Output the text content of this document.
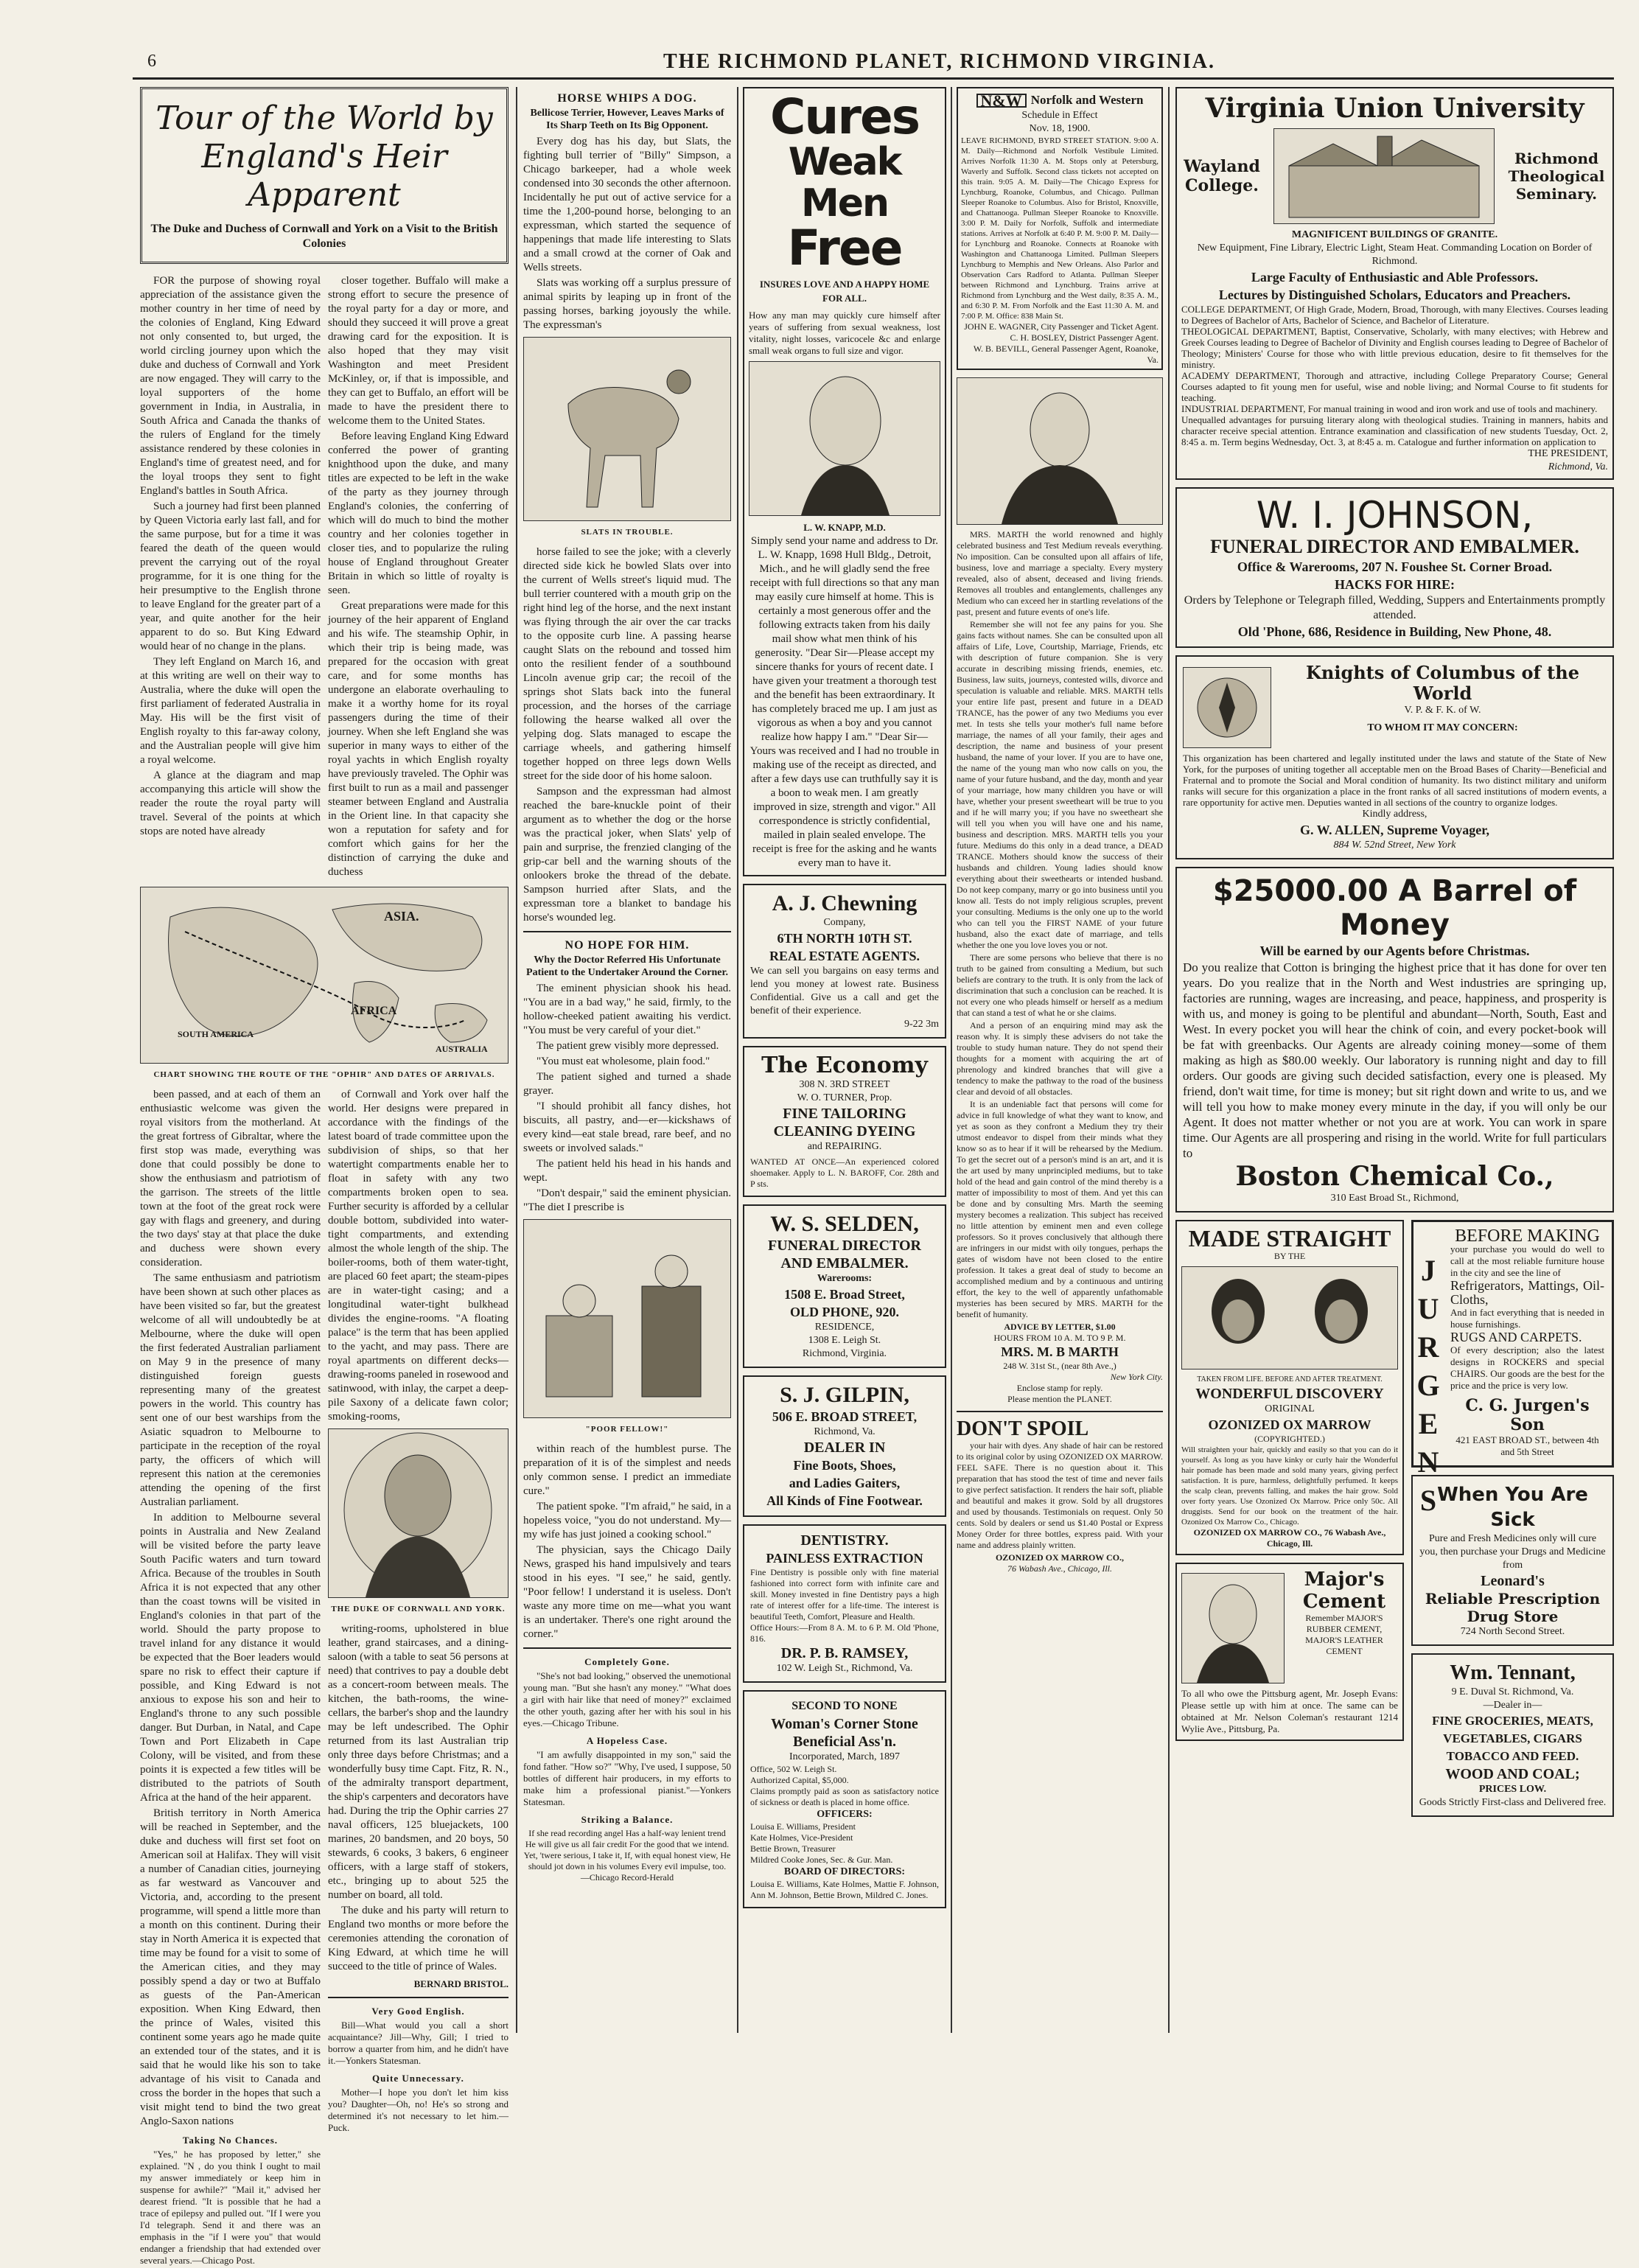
6	THE RICHMOND PLANET, RICHMOND VIRGINIA.
Tour of the World by England's Heir Apparent
The Duke and Duchess of Cornwall and York on a Visit to the British Colonies

FOR the purpose of showing royal appreciation of the assistance given the mother country in her time of need by the colonies of England, King Edward not only consented to, but urged, the world circling journey upon which the duke and duchess of Cornwall and York are now engaged. They will carry to the loyal supporters of the home government in India, in Australia, in South Africa and Canada the thanks of the rulers of England for the timely assistance rendered by these colonies in England's time of greatest need, and for the loyal troops they sent to fight England's battles in South Africa.

Such a journey had first been planned by Queen Victoria early last fall, and for the same purpose, but for a time it was feared the death of the queen would prevent the carrying out of the royal programme, for it is one thing for the heir presumptive to the English throne to leave England for the greater part of a year, and quite another for the heir apparent to do so. But King Edward would hear of no change in the plans.

They left England on March 16, and at this writing are well on their way to Australia, where the duke will open the first parliament of federated Australia in May. His will be the first visit of English royalty to this far-away colony, and the Australian people will give him a royal welcome.

A glance at the diagram and map accompanying this article will show the reader the route the royal party will travel. Several of the points at which stops are noted have already

closer together. Buffalo will make a strong effort to secure the presence of the royal party for a day or more, and should they succeed it will prove a great drawing card for the exposition. It is also hoped that they may visit Washington and meet President McKinley, or, if that is impossible, and they can get to Buffalo, an effort will be made to have the president there to welcome them to the United States.

Before leaving England King Edward conferred the power of granting knighthood upon the duke, and many titles are expected to be left in the wake of the party as they journey through England's colonies, the conferring of which will do much to bind the mother country and her colonies together in closer ties, and to popularize the ruling house of England throughout Greater Britain in which so little of royalty is seen.

Great preparations were made for this journey of the heir apparent of England and his wife. The steamship Ophir, in which their trip is being made, was prepared for the occasion with great care, and for some months has undergone an elaborate overhauling to make it a worthy home for its royal passengers during the time of their journey. When she left England she was superior in many ways to either of the royal yachts in which English royalty have previously traveled. The Ophir was first built to run as a mail and passenger steamer between England and Australia in the Orient line. In that capacity she won a reputation for safety and for comfort which gains for her the distinction of carrying the duke and duchess

ASIA.
AFRICA
SOUTH AMERICA
AUSTRALIA
CHART SHOWING THE ROUTE OF THE "OPHIR" AND DATES OF ARRIVALS.

been passed, and at each of them an enthusiastic welcome was given the royal visitors from the motherland. At the great fortress of Gibraltar, where the first stop was made, everything was done that could possibly be done to show the enthusiasm and patriotism of the garrison. The streets of the little town at the foot of the great rock were gay with flags and greenery, and during the two days' stay at that place the duke and duchess were shown every consideration.

The same enthusiasm and patriotism have been shown at such other places as have been visited so far, but the greatest welcome of all will undoubtedly be at Melbourne, where the duke will open the first federated Australian parliament on May 9 in the presence of many distinguished foreign guests representing many of the greatest powers in the world. This country has sent one of our best warships from the Asiatic squadron to Melbourne to participate in the reception of the royal party, the officers of which will represent this nation at the ceremonies attending the opening of the first Australian parliament.

In addition to Melbourne several points in Australia and New Zealand will be visited before the party leave South Pacific waters and turn toward Africa. Because of the troubles in South Africa it is not expected that any other than the coast towns will be visited in England's colonies in that part of the world. Should the party propose to travel inland for any distance it would be expected that the Boer leaders would spare no risk to effect their capture if possible, and King Edward is not anxious to expose his son and heir to England's throne to any such possible danger. But Durban, in Natal, and Cape Town and Port Elizabeth in Cape Colony, will be visited, and from these points it is expected a few titles will be distributed to the patriots of South Africa at the hand of the heir apparent.

British territory in North America will be reached in September, and the duke and duchess will first set foot on American soil at Halifax. They will visit a number of Canadian cities, journeying as far westward as Vancouver and Victoria, and, according to the present programme, will spend a little more than a month on this continent. During their stay in North America it is expected that time may be found for a visit to some of the American cities, and they may possibly spend a day or two at Buffalo as guests of the Pan-American exposition. When King Edward, then the prince of Wales, visited this continent some years ago he made quite an extended tour of the states, and it is said that he would like his son to take advantage of his visit to Canada and cross the border in the hopes that such a visit might tend to bind the two great Anglo-Saxon nations

Taking No Chances.

"Yes," he has proposed by letter," she explained. "N , do you think I ought to mail my answer immediately or keep him in suspense for awhile?" "Mail it," advised her dearest friend. "It is possible that he had a trace of epilepsy and pulled out. "If I were you I'd telegraph. Send it and there was an emphasis in the "if I were you" that would endanger a friendship that had extended over several years.—Chicago Post.

of Cornwall and York over half the world. Her designs were prepared in accordance with the findings of the latest board of trade committee upon the subdivision of ships, so that her watertight compartments enable her to float in safety with any two compartments broken open to sea. Further security is afforded by a cellular double bottom, subdivided into water-tight compartments, and extending almost the whole length of the ship. The boiler-rooms, both of them water-tight, are placed 60 feet apart; the steam-pipes are in water-tight casing; and a longitudinal water-tight bulkhead divides the engine-rooms. "A floating palace" is the term that has been applied to the yacht, and may pass. There are royal apartments on different decks—drawing-rooms paneled in rosewood and satinwood, with inlay, the carpet a deep-pile Saxony of a delicate fawn color; smoking-rooms,

THE DUKE OF CORNWALL AND YORK.

writing-rooms, upholstered in blue leather, grand staircases, and a dining-saloon (with a table to seat 56 persons at need) that contrives to pay a double debt as a concert-room between meals. The kitchen, the bath-rooms, the wine-cellars, the barber's shop and the laundry may be left undescribed. The Ophir returned from its last Australian trip only three days before Christmas; and a wonderfully busy time Capt. Fitz, R. N., of the admiralty transport department, the ship's carpenters and decorators have had. During the trip the Ophir carries 27 naval officers, 125 bluejackets, 100 marines, 20 bandsmen, and 20 boys, 50 stewards, 6 cooks, 3 bakers, 6 engineer officers, with a large staff of stokers, etc., bringing up to about 525 the number on board, all told.

The duke and his party will return to England two months or more before the ceremonies attending the coronation of King Edward, at which time he will succeed to the title of prince of Wales.

BERNARD BRISTOL.
Very Good English.

Bill—What would you call a short acquaintance? Jill—Why, Gill; I tried to borrow a quarter from him, and he didn't have it.—Yonkers Statesman.

Quite Unnecessary.

Mother—I hope you don't let him kiss you? Daughter—Oh, no! He's so strong and determined it's not necessary to let him.—Puck.

HORSE WHIPS A DOG.
Bellicose Terrier, However, Leaves Marks of Its Sharp Teeth on Its Big Opponent.

Every dog has his day, but Slats, the fighting bull terrier of "Billy" Simpson, a Chicago barkeeper, had a whole week condensed into 30 seconds the other afternoon. Incidentally he put out of active service for a time the 1,200-pound horse, belonging to an expressman, which started the sequence of happenings that made life interesting to Slats and a small crowd at the corner of Oak and Wells streets.

Slats was working off a surplus pressure of animal spirits by leaping up in front of the passing horses, barking joyously the while. The expressman's

SLATS IN TROUBLE.

horse failed to see the joke; with a cleverly directed side kick he bowled Slats over into the current of Wells street's liquid mud. The bull terrier countered with a mouth grip on the right hind leg of the horse, and the next instant was flying through the air over the car tracks to the opposite curb line. A passing hearse caught Slats on the rebound and tossed him onto the resilient fender of a southbound Lincoln avenue grip car; the recoil of the springs shot Slats back into the funeral procession, and the horses of the carriage following the hearse walked all over the yelping dog. Slats managed to escape the carriage wheels, and gathering himself together hopped on three legs down Wells street for the side door of his home saloon.

Sampson and the expressman had almost reached the bare-knuckle point of their argument as to whether the dog or the horse was the practical joker, when Slats' yelp of pain and surprise, the frenzied clanging of the grip-car bell and the warning shouts of the onlookers broke the thread of the debate. Sampson hurried after Slats, and the expressman tore a blanket to bandage his horse's wounded leg.

NO HOPE FOR HIM.
Why the Doctor Referred His Unfortunate Patient to the Undertaker Around the Corner.

The eminent physician shook his head. "You are in a bad way," he said, firmly, to the hollow-cheeked patient awaiting his verdict. "You must be very careful of your diet."

The patient grew visibly more depressed.

"You must eat wholesome, plain food."

The patient sighed and turned a shade grayer.

"I should prohibit all fancy dishes, hot biscuits, all pastry, and—er—kickshaws of every kind—eat stale bread, rare beef, and no sweets or involved salads."

The patient held his head in his hands and wept.

"Don't despair," said the eminent physician. "The diet I prescribe is

"POOR FELLOW!"

within reach of the humblest purse. The preparation of it is of the simplest and needs only common sense. I predict an immediate cure."

The patient spoke. "I'm afraid," he said, in a hopeless voice, "you do not understand. My—my wife has just joined a cooking school."

The physician, says the Chicago Daily News, grasped his hand impulsively and tears stood in his eyes. "I see," he said, gently. "Poor fellow! I understand it is useless. Don't waste any more time on me—what you want is an undertaker. There's one right around the corner."

Completely Gone.

"She's not bad looking," observed the unemotional young man. "But she hasn't any money." "What does a girl with hair like that need of money?" exclaimed the other youth, gazing after her with his soul in his eyes.—Chicago Tribune.

A Hopeless Case.

"I am awfully disappointed in my son," said the fond father. "How so?" "Why, I've used, I suppose, 50 bottles of different hair producers, in my efforts to make him a professional pianist."—Yonkers Statesman.

Striking a Balance.

If she read recording angel Has a half-way lenient trend He will give us all fair credit For the good that we intend. Yet, 'twere serious, I take it, If, with equal honest view, He should jot down in his volumes Every evil impulse, too. —Chicago Record-Herald

Cures
Weak Men
Free
INSURES LOVE AND A HAPPY HOME FOR ALL.
How any man may quickly cure himself after years of suffering from sexual weakness, lost vitality, night losses, varicocele &c and enlarge small weak organs to full size and vigor.
L. W. KNAPP, M.D.
Simply send your name and address to Dr. L. W. Knapp, 1698 Hull Bldg., Detroit, Mich., and he will gladly send the free receipt with full directions so that any man may easily cure himself at home. This is certainly a most generous offer and the following extracts taken from his daily mail show what men think of his generosity. "Dear Sir—Please accept my sincere thanks for yours of recent date. I have given your treatment a thorough test and the benefit has been extraordinary. It has completely braced me up. I am just as vigorous as when a boy and you cannot realize how happy I am." "Dear Sir—Yours was received and I had no trouble in making use of the receipt as directed, and after a few days use can truthfully say it is a boon to weak men. I am greatly improved in size, strength and vigor." All correspondence is strictly confidential, mailed in plain sealed envelope. The receipt is free for the asking and he wants every man to have it.
A. J. Chewning
Company,
6TH NORTH 10TH ST.
REAL ESTATE AGENTS.
We can sell you bargains on easy terms and lend you money at lowest rate. Business Confidential. Give us a call and get the benefit of their experience.
9-22 3m
The Economy
308 N. 3RD STREET
W. O. TURNER, Prop.
FINE TAILORING
CLEANING DYEING
and REPAIRING.
WANTED AT ONCE—An experienced colored shoemaker. Apply to L. N. BAROFF, Cor. 28th and P sts.
W. S. SELDEN,
FUNERAL DIRECTOR
AND EMBALMER.
Warerooms:
1508 E. Broad Street,
OLD PHONE, 920.
RESIDENCE,
1308 E. Leigh St.
Richmond, Virginia.
S. J. GILPIN,
506 E. BROAD STREET,
Richmond, Va.
DEALER IN
Fine Boots, Shoes,
and Ladies Gaiters,
All Kinds of Fine Footwear.
DENTISTRY.
PAINLESS EXTRACTION
Fine Dentistry is possible only with fine material fashioned into correct form with infinite care and skill. Money invested in fine Dentistry pays a high rate of interest offer for a life-time. The interest is beautiful Teeth, Comfort, Pleasure and Health.
Office Hours:—From 8 A. M. to 6 P. M. Old 'Phone, 816.
DR. P. B. RAMSEY,
102 W. Leigh St., Richmond, Va.
SECOND TO NONE
Woman's Corner Stone Beneficial Ass'n.
Incorporated, March, 1897
Office, 502 W. Leigh St.
Authorized Capital, $5,000.
Claims promptly paid as soon as satisfactory notice of sickness or death is placed in home office.
OFFICERS:
Louisa E. Williams, President
Kate Holmes, Vice-President
Bettie Brown, Treasurer
Mildred Cooke Jones, Sec. & Gur. Man.
BOARD OF DIRECTORS:
Louisa E. Williams, Kate Holmes, Mattie F. Johnson, Ann M. Johnson, Bettie Brown, Mildred C. Jones.
N&W Norfolk and Western
Schedule in Effect
Nov. 18, 1900.
LEAVE RICHMOND, BYRD STREET STATION. 9:00 A. M. Daily—Richmond and Norfolk Vestibule Limited. Arrives Norfolk 11:30 A. M. Stops only at Petersburg, Waverly and Suffolk. Second class tickets not accepted on this train. 9:05 A. M. Daily—The Chicago Express for Lynchburg, Roanoke, Columbus, and Chicago. Pullman Sleeper Roanoke to Columbus. Also for Bristol, Knoxville, and Chattanooga. Pullman Sleeper Roanoke to Knoxville. 3:00 P. M. Daily for Norfolk, Suffolk and intermediate stations. Arrives at Norfolk at 6:40 P. M. 9:00 P. M. Daily—for Lynchburg and Roanoke. Connects at Roanoke with Washington and Chattanooga Limited. Pullman Sleepers Lynchburg to Memphis and New Orleans. Also Parlor and Observation Cars Radford to Atlanta. Pullman Sleeper between Richmond and Lynchburg. Trains arrive at Richmond from Lynchburg and the West daily, 8:35 A. M., and 6:30 P. M. From Norfolk and the East 11:30 A. M. and 7:00 P. M. Office: 838 Main St.
JOHN E. WAGNER, City Passenger and Ticket Agent.
C. H. BOSLEY, District Passenger Agent.
W. B. BEVILL, General Passenger Agent, Roanoke, Va.

MRS. MARTH the world renowned and highly celebrated business and Test Medium reveals everything. No imposition. Can be consulted upon all affairs of life, business, love and marriage a specialty. Every mystery revealed, also of absent, deceased and living friends. Removes all troubles and entanglements, challenges any Medium who can exceed her in startling revelations of the past, present and future events of one's life.

Remember she will not fee any pains for you. She gains facts without names. She can be consulted upon all affairs of Life, Love, Courtship, Marriage, Friends, etc with description of future companion. She is very accurate in describing missing friends, enemies, etc. Business, law suits, journeys, contested wills, divorce and speculation is valuable and reliable. MRS. MARTH tells your entire life past, present and future in a DEAD TRANCE, has the power of any two Mediums you ever met. In tests she tells your mother's full name before marriage, the names of all your family, their ages and description, the name and business of your present husband, the name of your lover. If you are to have one, the name of the young man who now calls on you, the name of your future husband, and the day, month and year of your marriage, how many children you have or will have, whether your present sweetheart will be true to you and if he will marry you; if you have no sweetheart she will tell you when you will have one and his name, business and description. MRS. MARTH tells you your future. Mediums do this only in a dead trance, a DEAD TRANCE. Mothers should know the success of their husbands and children. Young ladies should know everything about their sweethearts or intended husband. Do not keep company, marry or go into business until you know all. Tests do not imply religious scruples, prevent your consulting. Mediums is the only one up to the world who can tell you the FIRST NAME of your future husband, also the exact date of marriage, and tells whether the one you love loves you or not.

There are some persons who believe that there is no truth to be gained from consulting a Medium, but such beliefs are contrary to the truth. It is only from the lack of discrimination that such a conclusion can be reached. It is not every one who pleads himself or herself as a medium that can stand a test of what he or she claims.

And a person of an enquiring mind may ask the reason why. It is simply these advisers do not take the trouble to study human nature. They do not spend their thoughts for a moment with acquiring the art of phrenology and kindred branches that will give a tendency to make the pathway to the road of the business clear and devoid of all obstacles.

It is an undeniable fact that persons will come for advice in full knowledge of what they want to know, and yet as soon as they confront a Medium they try their utmost endeavor to dispel from their minds what they know so as to hear if it will be rehearsed by the Medium. To get the secret out of a person's mind is an art, and it is the art used by many unprincipled mediums, but to take hold of the head and gain control of the mind thereby is a matter of impossibility to most of them. And yet this can be done and by consulting Mrs. Marth the seeming mystery becomes a realization. This subject has received no little attention by eminent men and even college professors. So it proves conclusively that although there are infringers in our midst with oily tongues, perhaps the gates of wisdom have not been closed to the entire profession. It takes a great deal of study to become an accomplished medium and by a continuous and untiring effort, the key to the well of apparently unfathomable mysteries has been secured by MRS. MARTH for the benefit of humanity.

ADVICE BY LETTER, $1.00
HOURS FROM 10 A. M. TO 9 P. M.
MRS. M. B MARTH
248 W. 31st St., (near 8th Ave.,)
New York City.
Enclose stamp for reply.
Please mention the PLANET.
DON'T SPOIL

your hair with dyes. Any shade of hair can be restored to its original color by using OZONIZED OX MARROW. FEEL SAFE. There is no question about it. This preparation that has stood the test of time and never fails to give perfect satisfaction. It renders the hair soft, pliable and beautiful and makes it grow. Sold by all drugstores and used by thousands. Testimonials on request. Only 50 cents. Sold by dealers or send us $1.40 Postal or Express Money Order for three bottles, express paid. With your name and address plainly written.

OZONIZED OX MARROW CO.,
76 Wabash Ave., Chicago, Ill.
Virginia Union University
Wayland College.
Richmond Theological Seminary.
MAGNIFICENT BUILDINGS OF GRANITE.
New Equipment, Fine Library, Electric Light, Steam Heat. Commanding Location on Border of Richmond.
Large Faculty of Enthusiastic and Able Professors.
Lectures by Distinguished Scholars, Educators and Preachers.
COLLEGE DEPARTMENT, Of High Grade, Modern, Broad, Thorough, with many Electives. Courses leading to Degrees of Bachelor of Arts, Bachelor of Science, and Bachelor of Literature.
THEOLOGICAL DEPARTMENT, Baptist, Conservative, Scholarly, with many electives; with Hebrew and Greek Courses leading to Degree of Bachelor of Divinity and English courses leading to Degree of Bachelor of Theology; Ministers' Course for those who with little previous education, desire to fit themselves for the ministry.
ACADEMY DEPARTMENT, Thorough and attractive, including College Preparatory Course; General Courses adapted to fit young men for useful, wise and noble living; and Normal Course to fit students for teaching.
INDUSTRIAL DEPARTMENT, For manual training in wood and iron work and use of tools and machinery.
Unequalled advantages for pursuing literary along with theological studies. Training in manners, habits and character receive special attention. Entrance examination and classification of new students Tuesday, Oct. 2, 8:45 a. m. Term begins Wednesday, Oct. 3, at 8:45 a. m. Catalogue and further information on application to
THE PRESIDENT,
Richmond, Va.
W. I. JOHNSON,
FUNERAL DIRECTOR AND EMBALMER.
Office & Warerooms, 207 N. Foushee St. Corner Broad.
HACKS FOR HIRE:
Orders by Telephone or Telegraph filled, Wedding, Suppers and Entertainments promptly attended.
Old 'Phone, 686, Residence in Building, New Phone, 48.
Knights of Columbus of the World
V. P. & F. K. of W.
TO WHOM IT MAY CONCERN:
This organization has been chartered and legally instituted under the laws and statute of the State of New York, for the purposes of uniting together all acceptable men on the Broad Bases of Charity—Beneficial and Fraternal and to promote the Social and Moral condition of humanity. Its two distinct military and uniform ranks will secure for this organization a place in the front ranks of all sacred institutions of modern events, a rare opportunity for active men. Deputies wanted in all sections of the country to organize lodges.
Kindly address,
G. W. ALLEN, Supreme Voyager,
884 W. 52nd Street, New York
$25000.00 A Barrel of Money
Will be earned by our Agents before Christmas.
Do you realize that Cotton is bringing the highest price that it has done for over ten years. Do you realize that in the North and West industries are springing up, factories are running, wages are increasing, and peace, happiness, and prosperity is with us, and money is going to be plentiful and abundant—North, South, East and West. In every pocket you will hear the chink of coin, and every pocket-book will be fat with greenbacks. Our Agents are already coining money—some of them making as high as $80.00 weekly. Our laboratory is running night and day to fill orders. Our goods are giving such decided satisfaction, every one is pleased. My friend, don't wait time, for time is money; but sit right down and write to us, and we will tell you how to make money every minute in the day, if you will only be our Agent. It does not matter whether or not you are at work. You can work in spare time. Our Agents are all prospering and rising in the world. Write for full particulars to
Boston Chemical Co.,
310 East Broad St., Richmond,
MADE STRAIGHT
BY THE
TAKEN FROM LIFE. BEFORE AND AFTER TREATMENT.
WONDERFUL DISCOVERY
ORIGINAL
OZONIZED OX MARROW
(COPYRIGHTED.)
Will straighten your hair, quickly and easily so that you can do it yourself. As long as you have kinky or curly hair the Wonderful hair pomade has been made and sold many years, giving perfect satisfaction. It is pure, harmless, delightfully perfumed. It keeps the scalp clean, prevents falling, and makes the hair grow. Sold over forty years. Use Ozonized Ox Marrow. Price only 50c. All druggists. Send for our book on the treatment of the hair. Ozonized Ox Marrow Co., Chicago.
OZONIZED OX MARROW CO., 76 Wabash Ave., Chicago, Ill.
Major's Cement
Remember MAJOR'S RUBBER CEMENT, MAJOR'S LEATHER CEMENT
To all who owe the Pittsburg agent, Mr. Joseph Evans: Please settle up with him at once. The same can be obtained at Mr. Nelson Coleman's restaurant 1214 Wylie Ave., Pittsburg, Pa.
BEFORE MAKING
J
U
R
G
E
N
S
your purchase you would do well to call at the most reliable furniture house in the city and see the line of
Refrigerators, Mattings, Oil-Cloths,
And in fact everything that is needed in house furnishings.
RUGS AND CARPETS.
Of every description; also the latest designs in ROCKERS and special CHAIRS. Our goods are the best for the price and the price is very low.
C. G. Jurgen's Son
421 EAST BROAD ST., between 4th and 5th Street
When You Are Sick
Pure and Fresh Medicines only will cure you, then purchase your Drugs and Medicine from
Leonard's
Reliable Prescription Drug Store
724 North Second Street.
Wm. Tennant,
9 E. Duval St. Richmond, Va.
—Dealer in—
FINE GROCERIES, MEATS, VEGETABLES, CIGARS TOBACCO AND FEED.
WOOD AND COAL;
PRICES LOW.
Goods Strictly First-class and Delivered free.
